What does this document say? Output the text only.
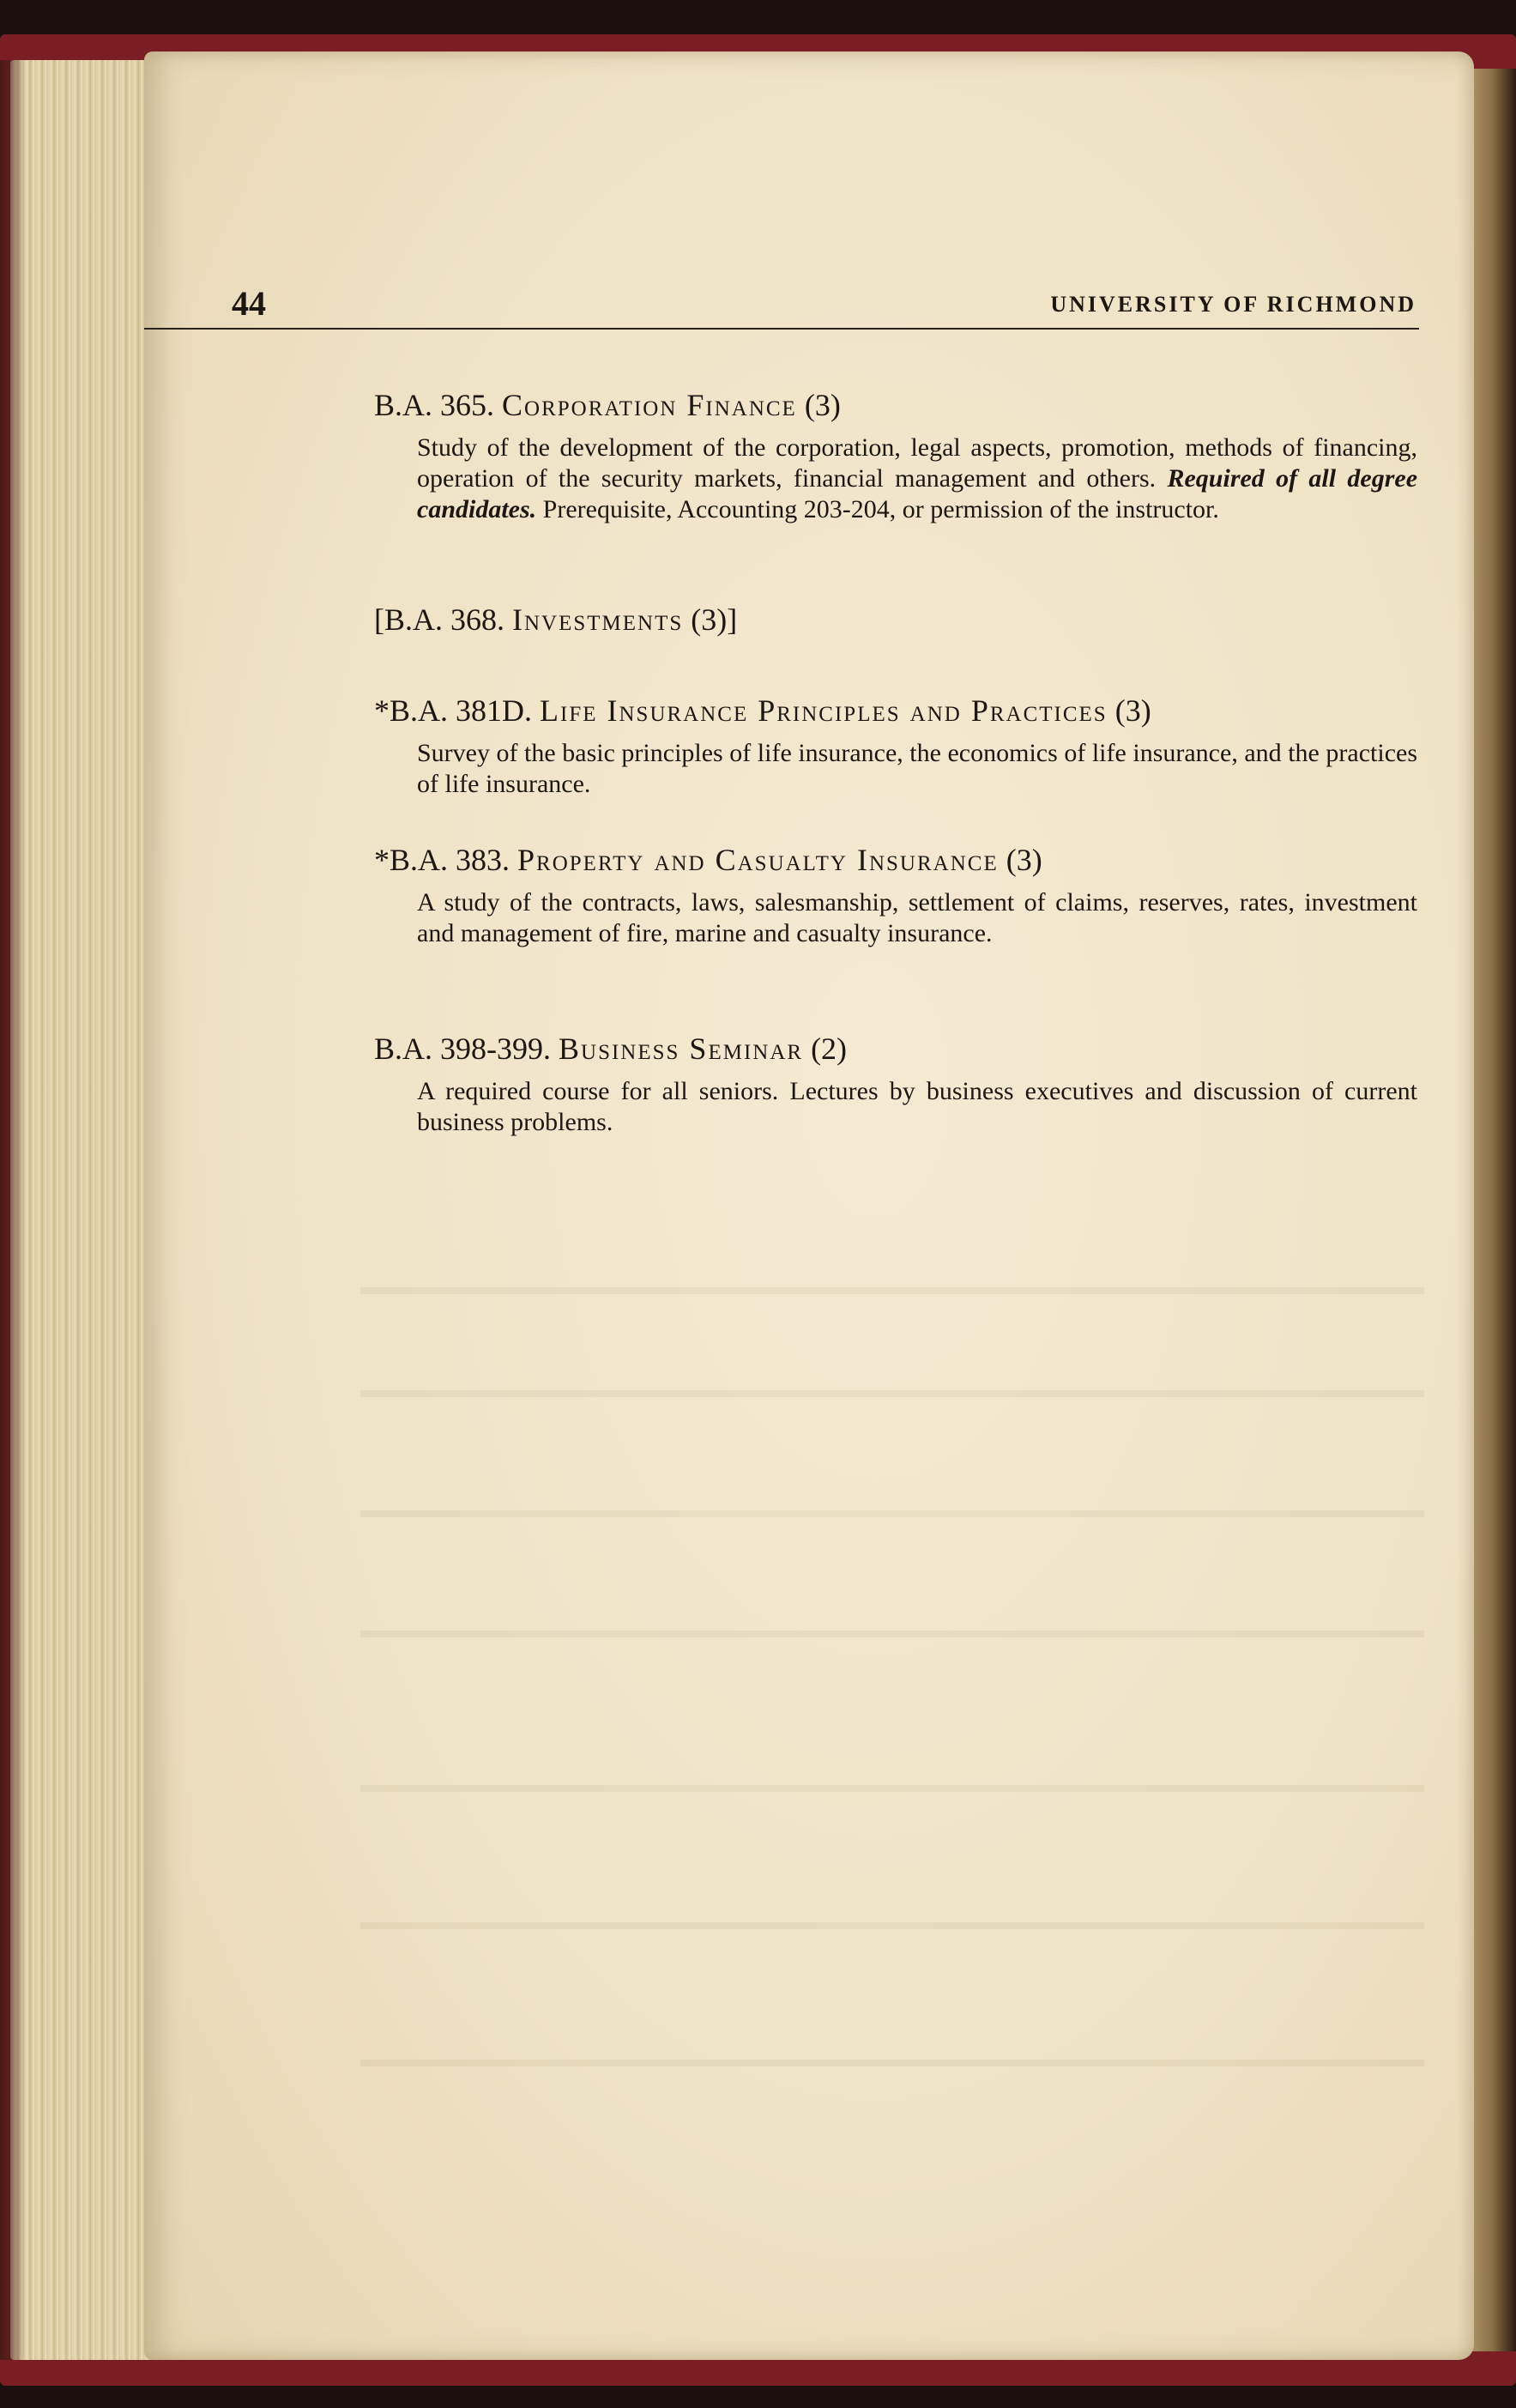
44	UNIVERSITY OF RICHMOND
B.A. 365. Corporation Finance (3)
Study of the development of the corporation, legal aspects, promotion, methods of financing, operation of the security markets, financial management and others. Required of all degree candidates. Prerequisite, Accounting 203-204, or permission of the instructor.
[B.A. 368. Investments (3)]
*B.A. 381D. Life Insurance Principles and Practices (3)
Survey of the basic principles of life insurance, the economics of life insurance, and the practices of life insurance.
*B.A. 383. Property and Casualty Insurance (3)
A study of the contracts, laws, salesmanship, settlement of claims, reserves, rates, investment and management of fire, marine and casualty insurance.
B.A. 398-399. Business Seminar (2)
A required course for all seniors. Lectures by business executives and discussion of current business problems.
